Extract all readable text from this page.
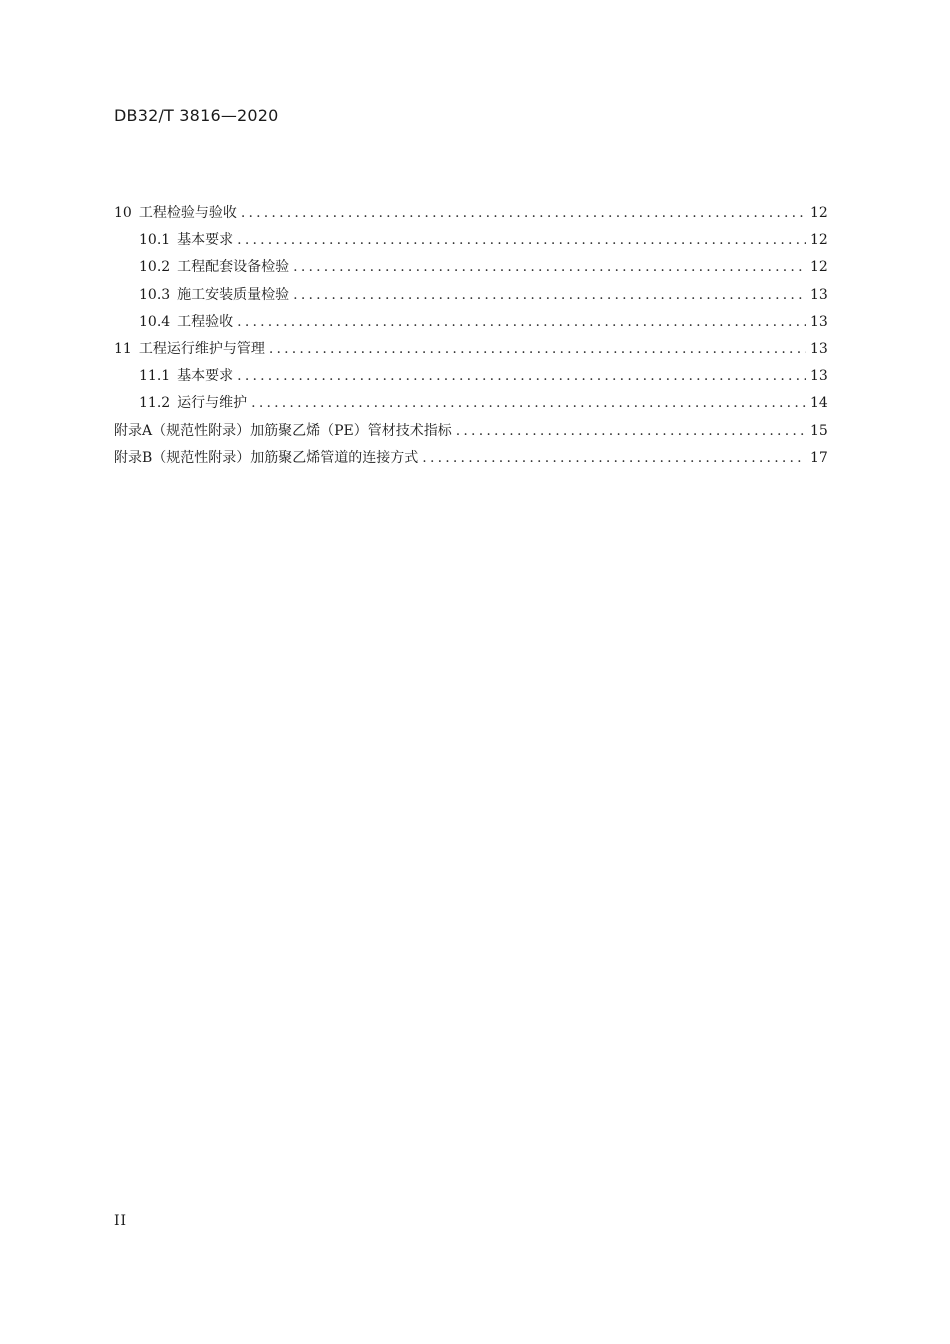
DB32/T 3816—2020
10 工程检验与验收 .....	12
10.1 基本要求 .....	12
10.2 工程配套设备检验 .....	12
10.3 施工安装质量检验 .....	13
10.4 工程验收 .....	13
11 工程运行维护与管理 .....	13
11.1 基本要求 .....	13
11.2 运行与维护 .....	14
附录A（规范性附录）加筋聚乙烯（PE）管材技术指标 .....	15
附录B（规范性附录）加筋聚乙烯管道的连接方式 .....	17
II
